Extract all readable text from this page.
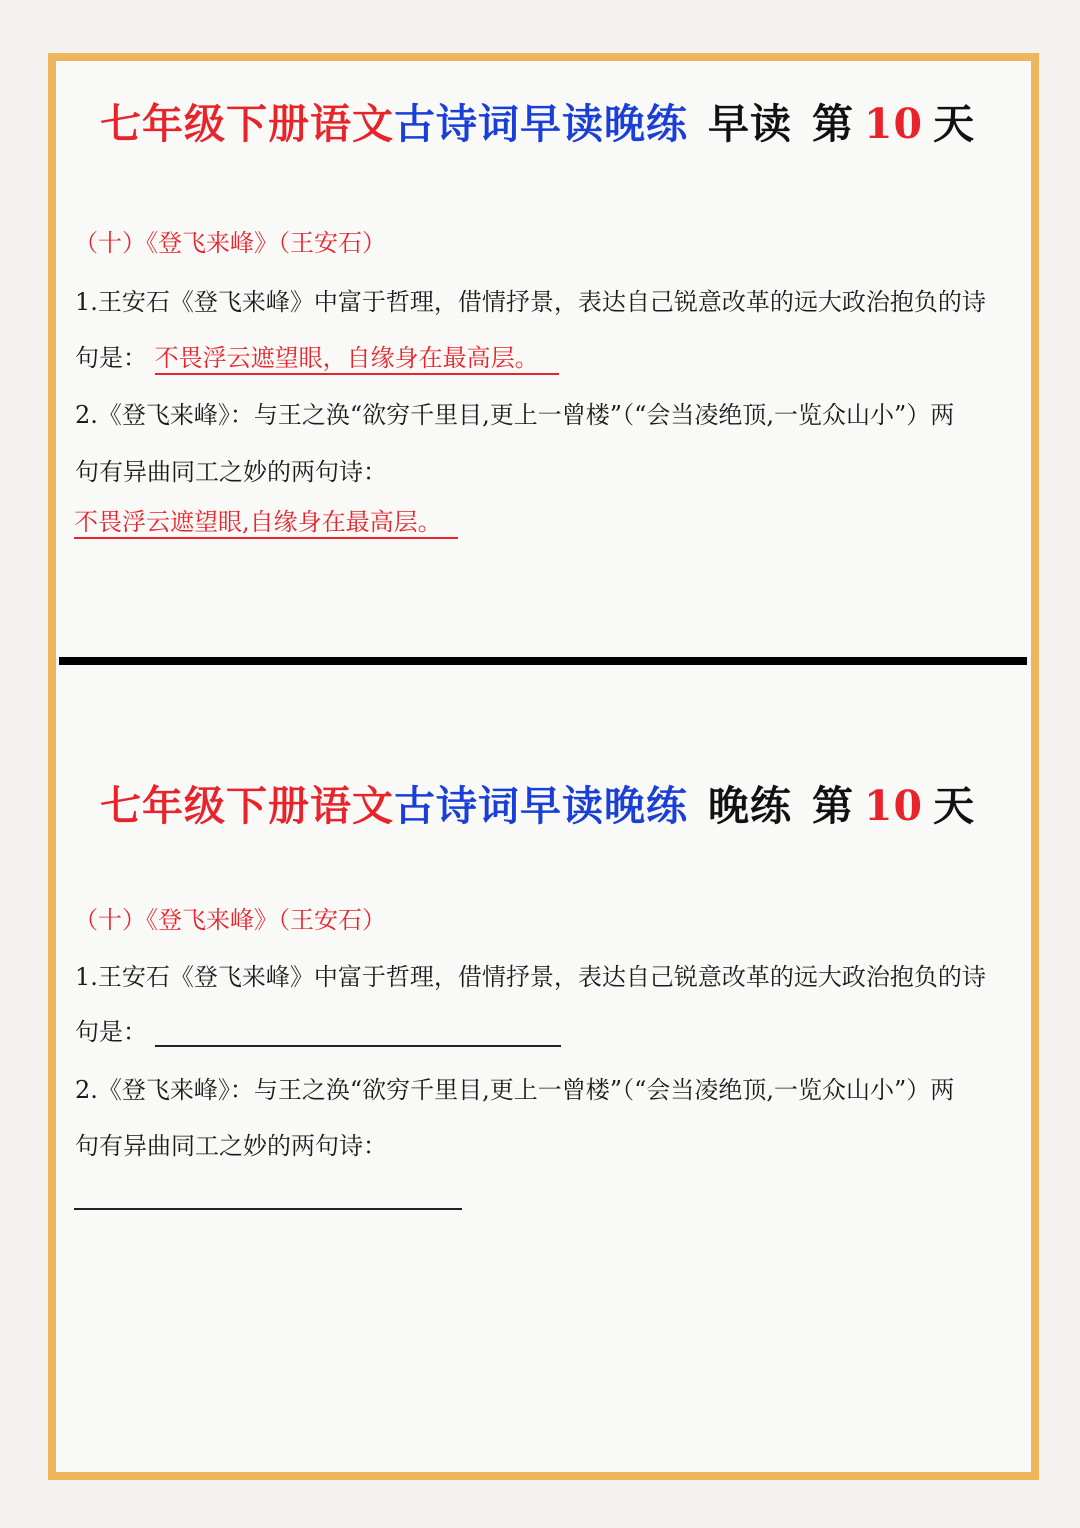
七年级下册语文古诗词早读晚练 早读 第 10 天
（十）《登飞来峰》（王安石）
1.王安石《登飞来峰》中富于哲理，借情抒景，表达自己锐意改革的远大政治抱负的诗
句是： 不畏浮云遮望眼，自缘身在最高层。
2.《登飞来峰》：与王之涣“欲穷千里目,更上一曾楼”（“会当凌绝顶,一览众山小”）两
句有异曲同工之妙的两句诗：
不畏浮云遮望眼,自缘身在最高层。
七年级下册语文古诗词早读晚练 晚练 第 10 天
（十）《登飞来峰》（王安石）
1.王安石《登飞来峰》中富于哲理，借情抒景，表达自己锐意改革的远大政治抱负的诗
句是：
2.《登飞来峰》：与王之涣“欲穷千里目,更上一曾楼”（“会当凌绝顶,一览众山小”）两
句有异曲同工之妙的两句诗：
